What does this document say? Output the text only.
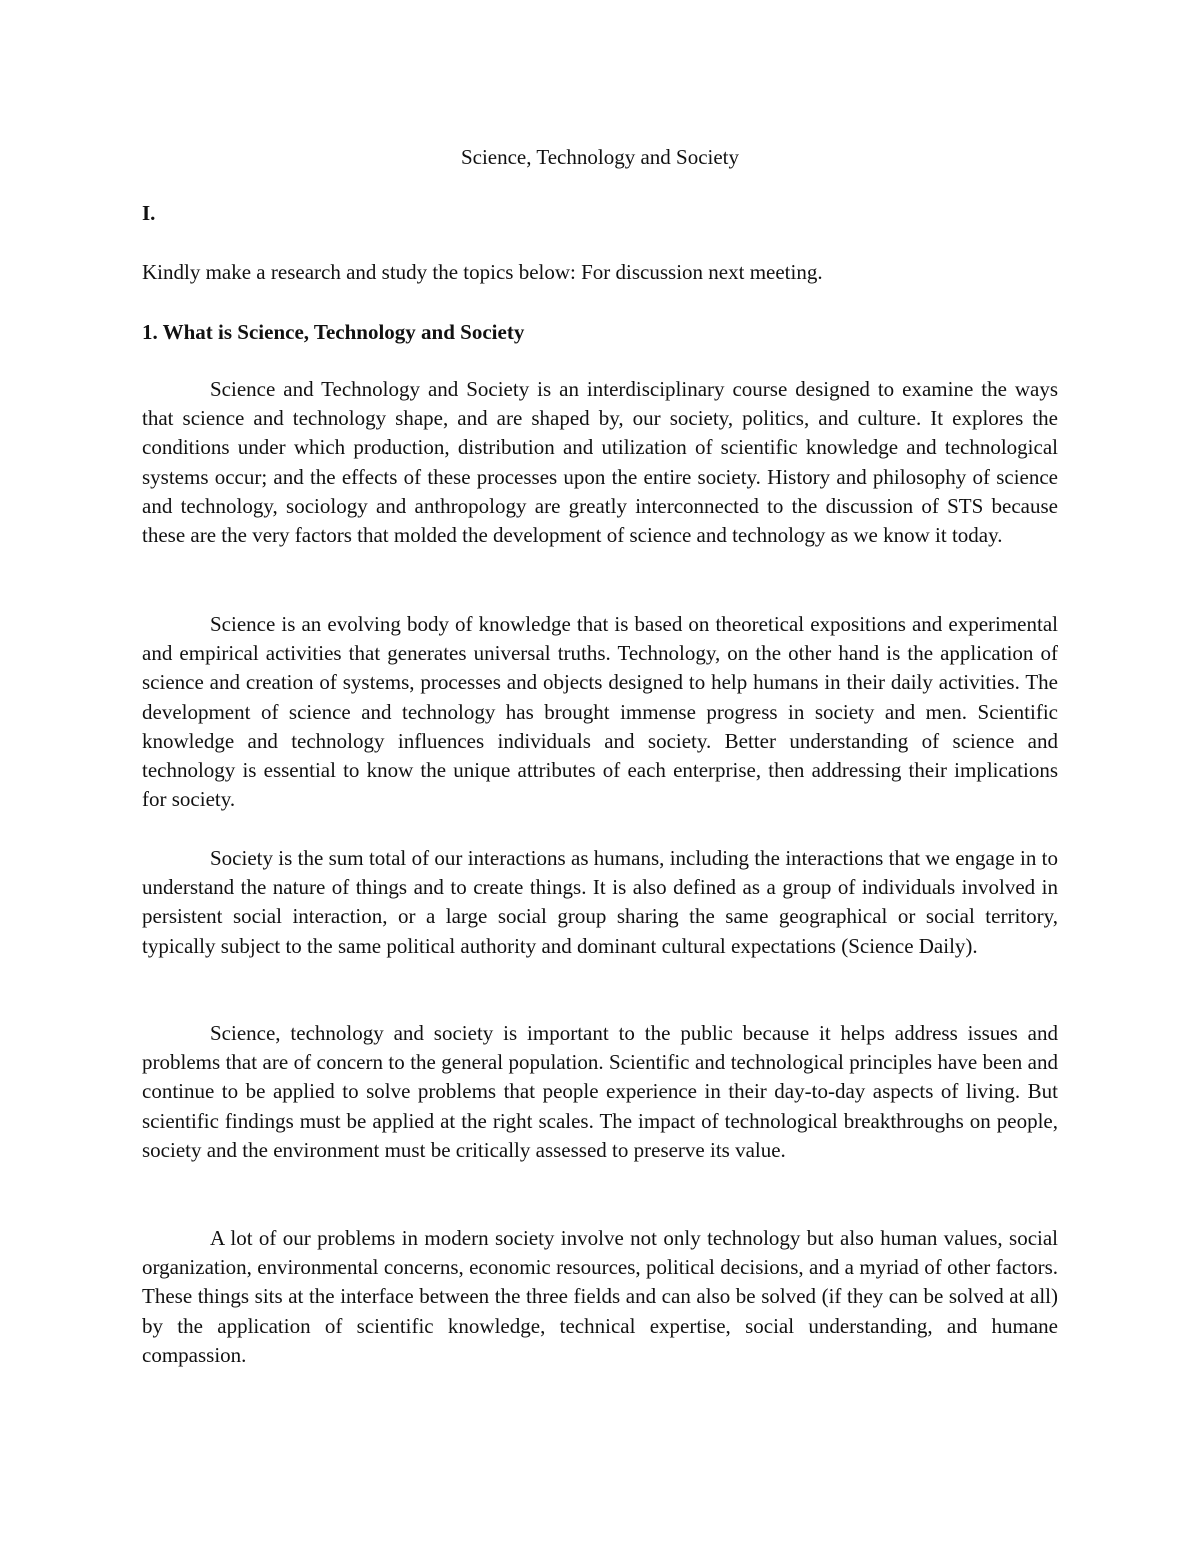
Science, Technology and Society

I.

Kindly make a research and study the topics below: For discussion next meeting.

1. What is Science, Technology and Society

Science and Technology and Society is an interdisciplinary course designed to examine the ways that science and technology shape, and are shaped by, our society, politics, and culture. It explores the conditions under which production, distribution and utilization of scientific knowledge and technological systems occur; and the effects of these processes upon the entire society. History and philosophy of science and technology, sociology and anthropology are greatly interconnected to the discussion of STS because these are the very factors that molded the development of science and technology as we know it today.

Science is an evolving body of knowledge that is based on theoretical expositions and experimental and empirical activities that generates universal truths. Technology, on the other hand is the application of science and creation of systems, processes and objects designed to help humans in their daily activities. The development of science and technology has brought immense progress in society and men. Scientific knowledge and technology influences individuals and society. Better understanding of science and technology is essential to know the unique attributes of each enterprise, then addressing their implications for society.

Society is the sum total of our interactions as humans, including the interactions that we engage in to understand the nature of things and to create things. It is also defined as a group of individuals involved in persistent social interaction, or a large social group sharing the same geographical or social territory, typically subject to the same political authority and dominant cultural expectations (Science Daily).

Science, technology and society is important to the public because it helps address issues and problems that are of concern to the general population. Scientific and technological principles have been and continue to be applied to solve problems that people experience in their day-to-day aspects of living. But scientific findings must be applied at the right scales. The impact of technological breakthroughs on people, society and the environment must be critically assessed to preserve its value.

A lot of our problems in modern society involve not only technology but also human values, social organization, environmental concerns, economic resources, political decisions, and a myriad of other factors. These things sits at the interface between the three fields and can also be solved (if they can be solved at all) by the application of scientific knowledge, technical expertise, social understanding, and humane compassion.
